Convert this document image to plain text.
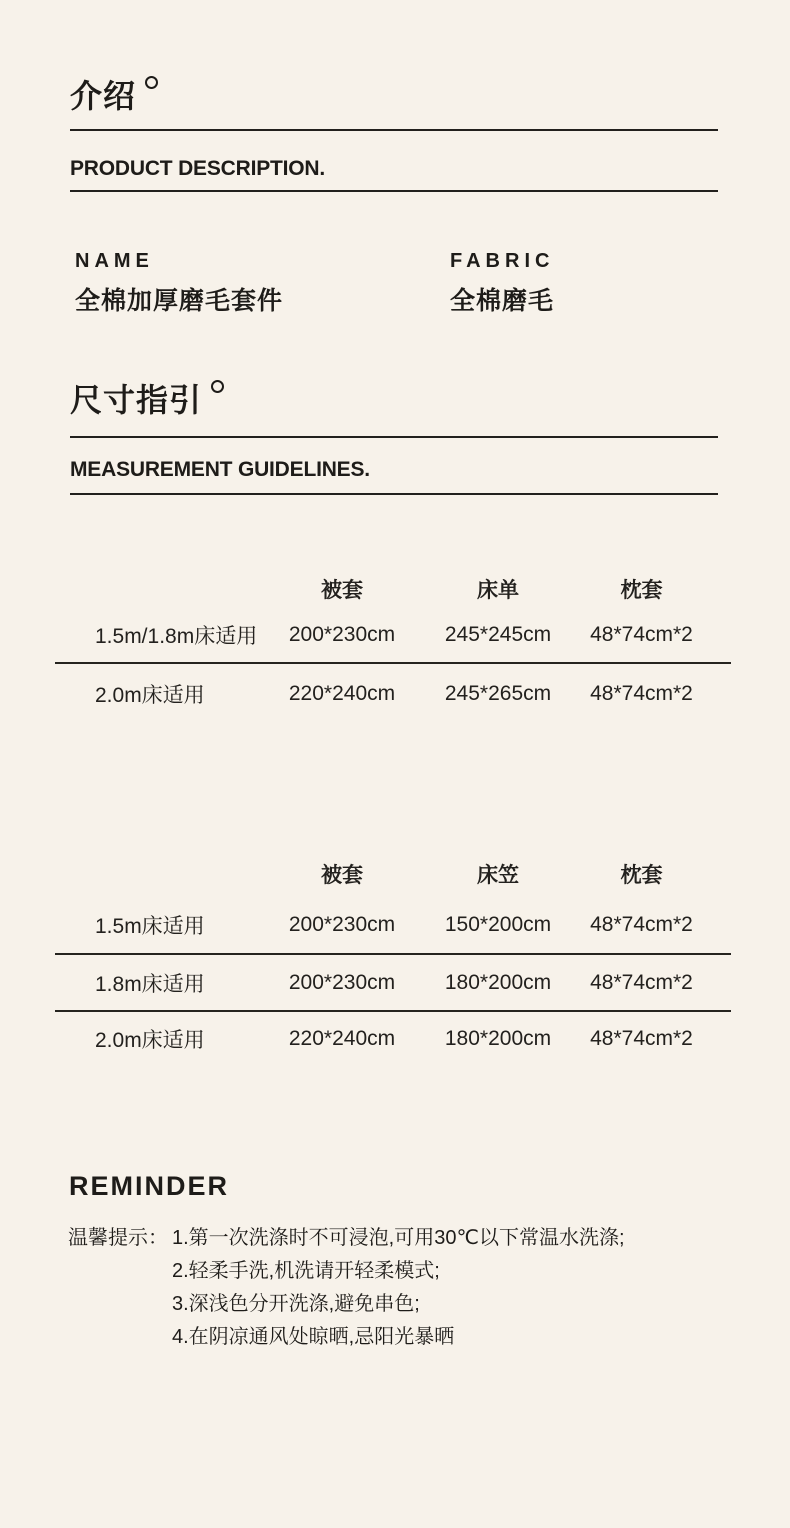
介绍
PRODUCT DESCRIPTION.
NAME
全棉加厚磨毛套件
FABRIC
全棉磨毛
尺寸指引
MEASUREMENT GUIDELINES.
被套	床单	枕套
1.5m/1.8m床适用	200*230cm	245*245cm	48*74cm*2
2.0m床适用	220*240cm	245*265cm	48*74cm*2
被套	床笠	枕套
1.5m床适用	200*230cm	150*200cm	48*74cm*2
1.8m床适用	200*230cm	180*200cm	48*74cm*2
2.0m床适用	220*240cm	180*200cm	48*74cm*2
REMINDER
温馨提示： 1.第一次洗涤时不可浸泡,可用30℃以下常温水洗涤;
2.轻柔手洗,机洗请开轻柔模式;
3.深浅色分开洗涤,避免串色;
4.在阴凉通风处晾晒,忌阳光暴晒
